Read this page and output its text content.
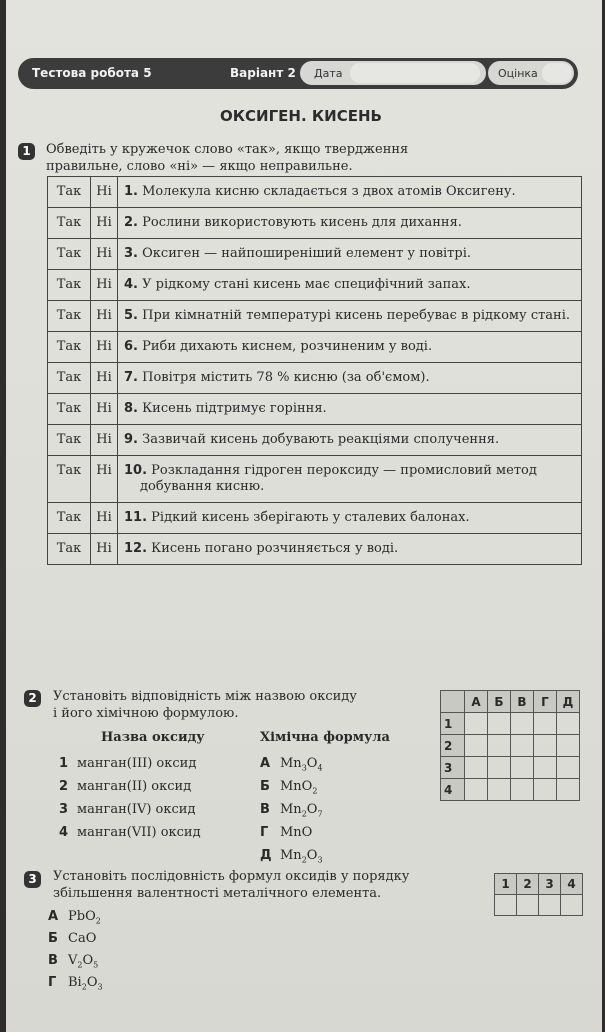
Тестова робота 5	Варіант 2 Дата	Оцінка
ОКСИГЕН. КИСЕНЬ
1	Обведіть у кружечок слово «так», якщо твердження
правильне, слово «ні» — якщо неправильне.
Так	Ні	1. Молекула кисню складається з двох атомів Оксигену.
Так	Ні	2. Рослини використовують кисень для дихання.
Так	Ні	3. Оксиген — найпоширеніший елемент у повітрі.
Так	Ні	4. У рідкому стані кисень має специфічний запах.
Так	Ні	5. При кімнатній температурі кисень перебуває в рідкому стані.
Так	Ні	6. Риби дихають киснем, розчиненим у воді.
Так	Ні	7. Повітря містить 78 % кисню (за об'ємом).
Так	Ні	8. Кисень підтримує горіння.
Так	Ні	9. Зазвичай кисень добувають реакціями сполучення.
Так	Ні	10. Розкладання гідроген пероксиду — промисловий метод добування кисню.
Так	Ні	11. Рідкий кисень зберігають у сталевих балонах.
Так	Ні	12. Кисень погано розчиняється у воді.
2	Установіть відповідність між назвою оксиду
і його хімічною формулою.
Назва оксиду	Хімічна формула
1 манган(III) оксид
2 манган(II) оксид
3 манган(IV) оксид
4 манган(VII) оксид
А $Mn_3O_4$
Б MnO$_2$
В $Mn_2O_7$
Г MnO
Д $Mn_2O_3$
	А	Б	В	Г	Д
1					
2					
3					
4					
3	Установіть послідовність формул оксидів у порядку
збільшення валентності металічного елемента.
А PbO$_2$
Б CaO
В $V_2O_5$
Г $Bi_2O_3$
1	2	3	4
